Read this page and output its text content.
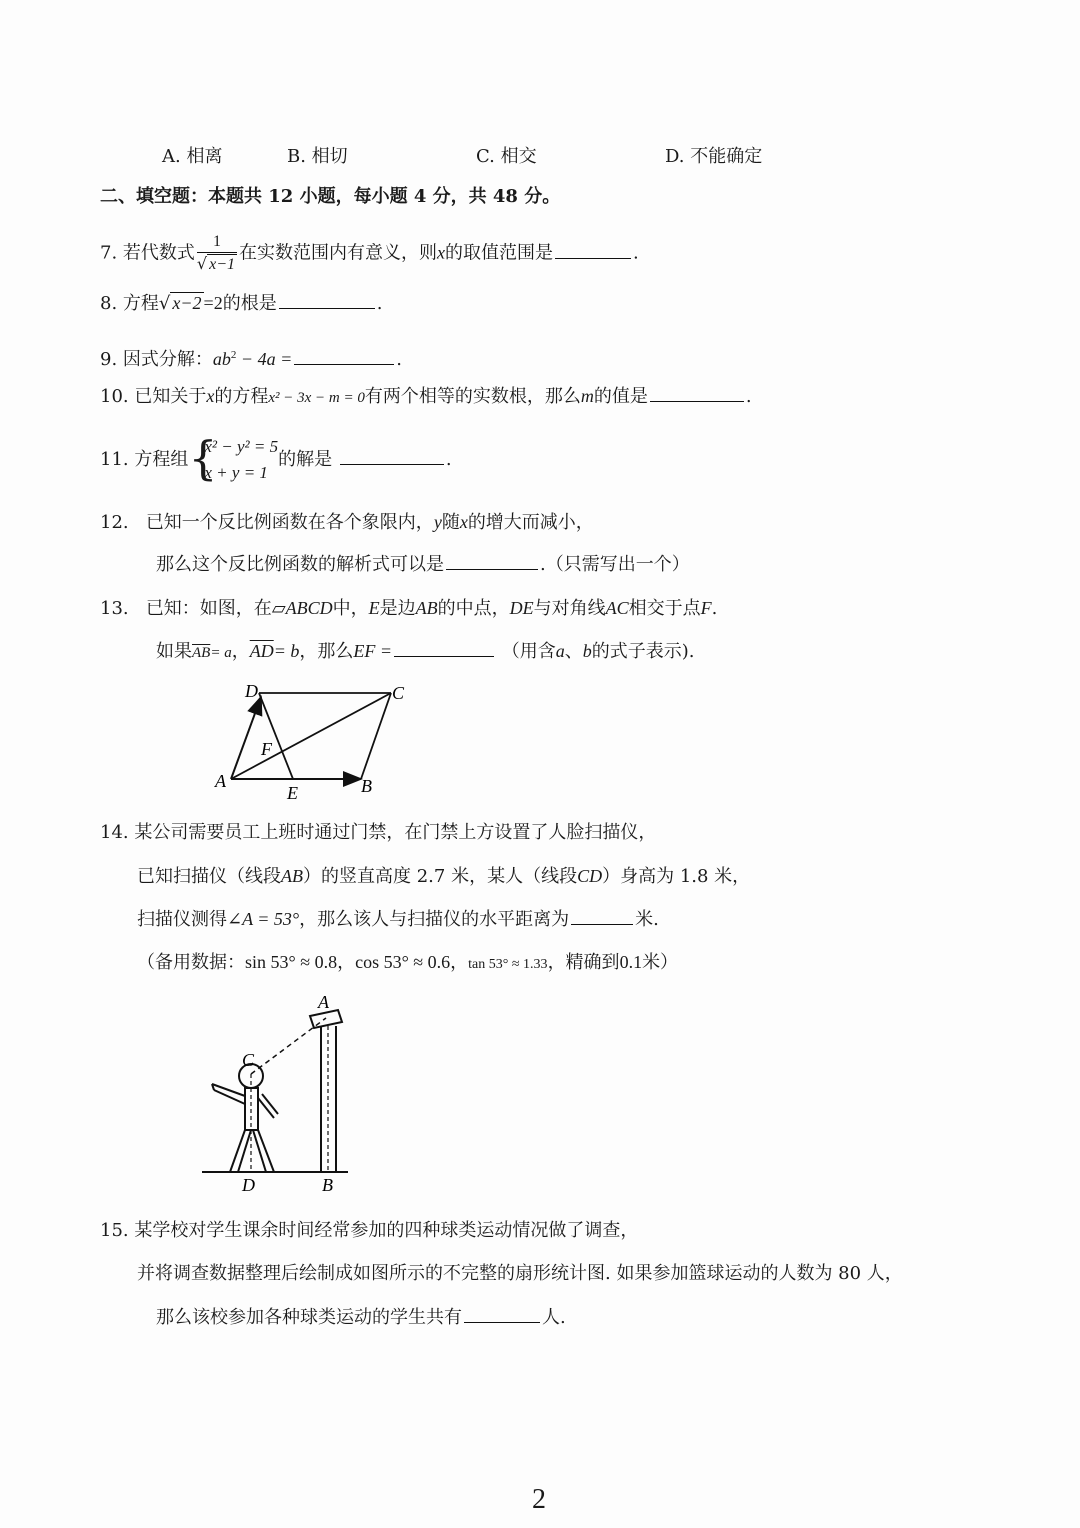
A. 相离	B. 相切	C. 相交	D. 不能确定
二、填空题：本题共 12 小题，每小题 4 分，共 48 分。
7. 若代数式 $\frac{1}{√ x-1}$ 在实数范围内有意义，则x的取值范围是	.
8. 方程√ x−2 =2的根是	.
9. 因式分解：$ab^2 - 4a$ =	.
10. 已知关于x的方程x² − 3x − m = 0有两个相等的实数根，那么m的值是	.
11. 方程组 {
x² − y² = 5
x + y = 1
的解是	.
12. 已知一个反比例函数在各个象限内，y随x的增大而减小，
那么这个反比例函数的解析式可以是	.（只需写出一个）
13. 已知：如图，在▱ABCD中，E是边AB的中点，DE与对角线AC相交于点F.
如果$\overline{AB}= a$，$\overline{AD}= b$，那么EF =	（用含a、b的式子表示).
A	B
C
D
E
F
14. 某公司需要员工上班时通过门禁，在门禁上方设置了人脸扫描仪，
已知扫描仪（线段AB）的竖直高度 2.7 米，某人（线段CD）身高为 1.8 米，
扫描仪测得∠A = 53°，那么该人与扫描仪的水平距离为	米.
（备用数据：sin 53° ≈ 0.8，cos 53° ≈ 0.6，tan 53° ≈ 1.33，精确到0.1米）
A
B
C
D
15. 某学校对学生课余时间经常参加的四种球类运动情况做了调查，
并将调查数据整理后绘制成如图所示的不完整的扇形统计图. 如果参加篮球运动的人数为 80 人，
那么该校参加各种球类运动的学生共有	人.
2
